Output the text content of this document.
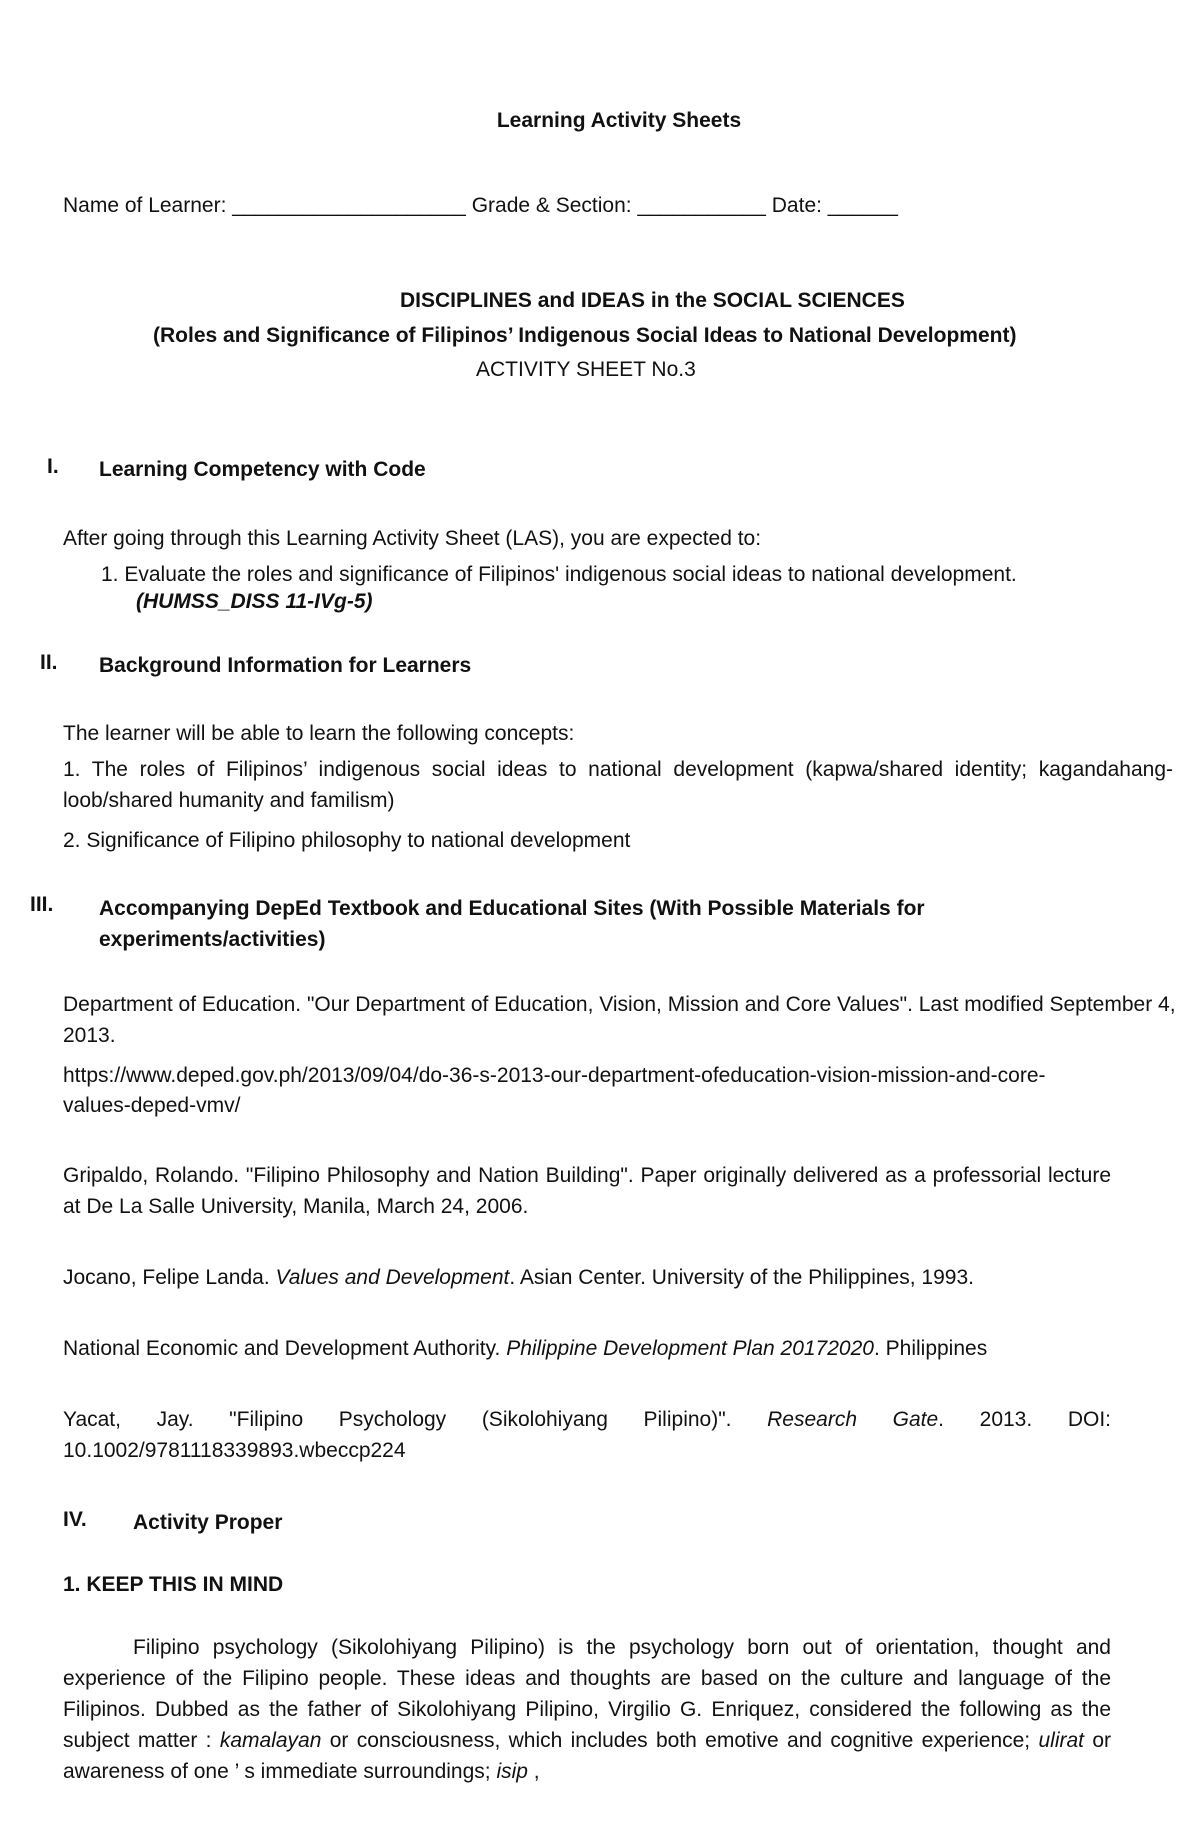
Learning Activity Sheets
Name of Learner: ____________________ Grade & Section: ___________ Date: ______
DISCIPLINES and IDEAS in the SOCIAL SCIENCES
(Roles and Significance of Filipinos’ Indigenous Social Ideas to National Development)
ACTIVITY SHEET No.3
I. Learning Competency with Code
After going through this Learning Activity Sheet (LAS), you are expected to:
1. Evaluate the roles and significance of Filipinos' indigenous social ideas to national development.
(HUMSS_DISS 11-IVg-5)
II. Background Information for Learners
The learner will be able to learn the following concepts:
1. The roles of Filipinos’ indigenous social ideas to national development (kapwa/shared identity; kagandahang-loob/shared humanity and familism)
2. Significance of Filipino philosophy to national development
III. Accompanying DepEd Textbook and Educational Sites (With Possible Materials for experiments/activities)
Department of Education. "Our Department of Education, Vision, Mission and Core Values". Last modified September 4, 2013.
https://www.deped.gov.ph/2013/09/04/do-36-s-2013-our-department-ofeducation-vision-mission-and-core-
values-deped-vmv/
Gripaldo, Rolando. "Filipino Philosophy and Nation Building". Paper originally delivered as a professorial lecture at De La Salle University, Manila, March 24, 2006.
Jocano, Felipe Landa. Values and Development. Asian Center. University of the Philippines, 1993.
National Economic and Development Authority. Philippine Development Plan 20172020. Philippines
Yacat, Jay. "Filipino Psychology (Sikolohiyang Pilipino)". Research Gate. 2013. DOI: 10.1002/9781118339893.wbeccp224
IV. Activity Proper
1. KEEP THIS IN MIND
Filipino psychology (Sikolohiyang Pilipino) is the psychology born out of orientation, thought and experience of the Filipino people. These ideas and thoughts are based on the culture and language of the Filipinos. Dubbed as the father of Sikolohiyang Pilipino, Virgilio G. Enriquez, considered the following as the subject matter : kamalayan or consciousness, which includes both emotive and cognitive experience; ulirat or awareness of one ’ s immediate surroundings; isip ,
